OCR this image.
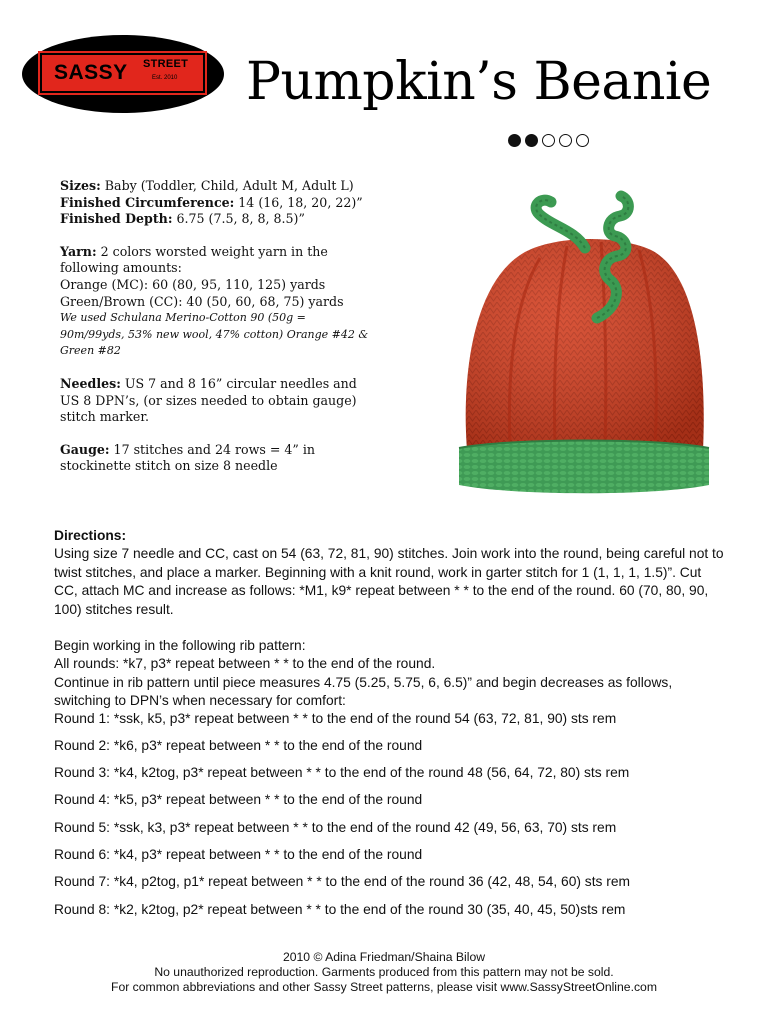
SASSY STREET
Est. 2010 Pumpkin’s Beanie

Sizes: Baby (Toddler, Child, Adult M, Adult L)

Finished Circumference: 14 (16, 18, 20, 22)”

Finished Depth: 6.75 (7.5, 8, 8, 8.5)”

Yarn: 2 colors worsted weight yarn in the following amounts:

Orange (MC): 60 (80, 95, 110, 125) yards

Green/Brown (CC): 40 (50, 60, 68, 75) yards

We used Schulana Merino-Cotton 90 (50g = 90m/99yds, 53% new wool, 47% cotton) Orange #42 & Green #82

Needles: US 7 and 8 16” circular needles and US 8 DPN’s, (or sizes needed to obtain gauge) stitch marker.

Gauge: 17 stitches and 24 rows = 4” in stockinette stitch on size 8 needle

Directions:

Using size 7 needle and CC, cast on 54 (63, 72, 81, 90) stitches. Join work into the round, being careful not to twist stitches, and place a marker. Beginning with a knit round, work in garter stitch for 1 (1, 1, 1, 1.5)”. Cut CC, attach MC and increase as follows: *M1, k9* repeat between * * to the end of the round. 60 (70, 80, 90, 100) stitches result.

Begin working in the following rib pattern:

All rounds: *k7, p3* repeat between * * to the end of the round.

Continue in rib pattern until piece measures 4.75 (5.25, 5.75, 6, 6.5)” and begin decreases as follows, switching to DPN’s when necessary for comfort:

Round 1: *ssk, k5, p3* repeat between * * to the end of the round 54 (63, 72, 81, 90) sts rem
Round 2: *k6, p3* repeat between * * to the end of the round
Round 3: *k4, k2tog, p3* repeat between * * to the end of the round 48 (56, 64, 72, 80) sts rem
Round 4: *k5, p3* repeat between * * to the end of the round
Round 5: *ssk, k3, p3* repeat between * * to the end of the round 42 (49, 56, 63, 70) sts rem
Round 6: *k4, p3* repeat between * * to the end of the round
Round 7: *k4, p2tog, p1* repeat between * * to the end of the round 36 (42, 48, 54, 60) sts rem
Round 8: *k2, k2tog, p2* repeat between * * to the end of the round 30 (35, 40, 45, 50)sts rem

2010 © Adina Friedman/Shaina Bilow

No unauthorized reproduction. Garments produced from this pattern may not be sold.

For common abbreviations and other Sassy Street patterns, please visit www.SassyStreetOnline.com
